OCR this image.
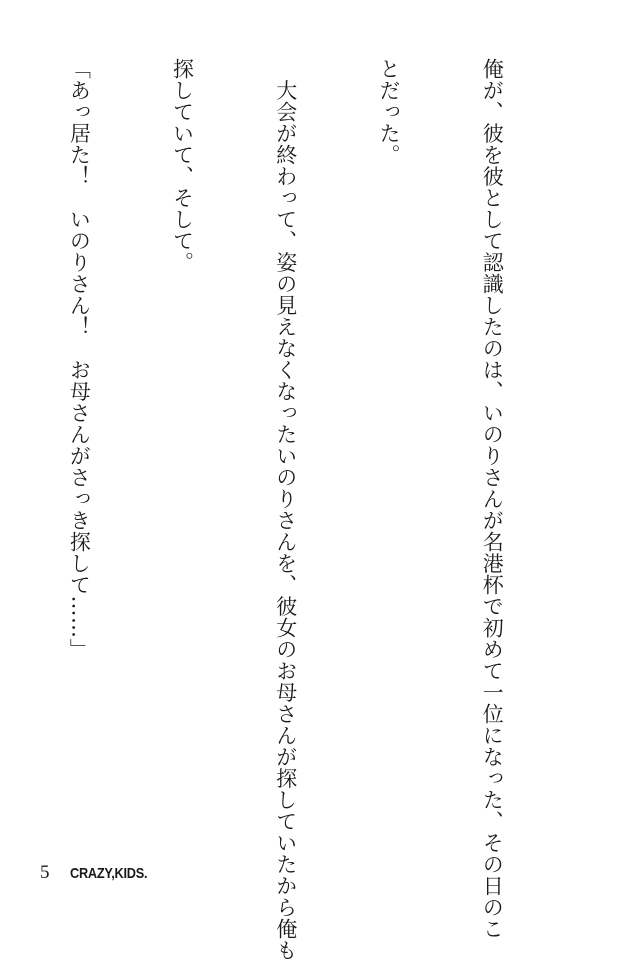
俺が、彼を彼として認識したのは、いのりさんが名港杯で初めて一位になった、その日のこ

とだった。

　大会が終わって、姿の見えなくなったいのりさんを、彼女のお母さんが探していたから俺も

探していて、そして。

「あっ居た！　いのりさん！　お母さんがさっき探して……」

5 CRAZY,KIDS.
